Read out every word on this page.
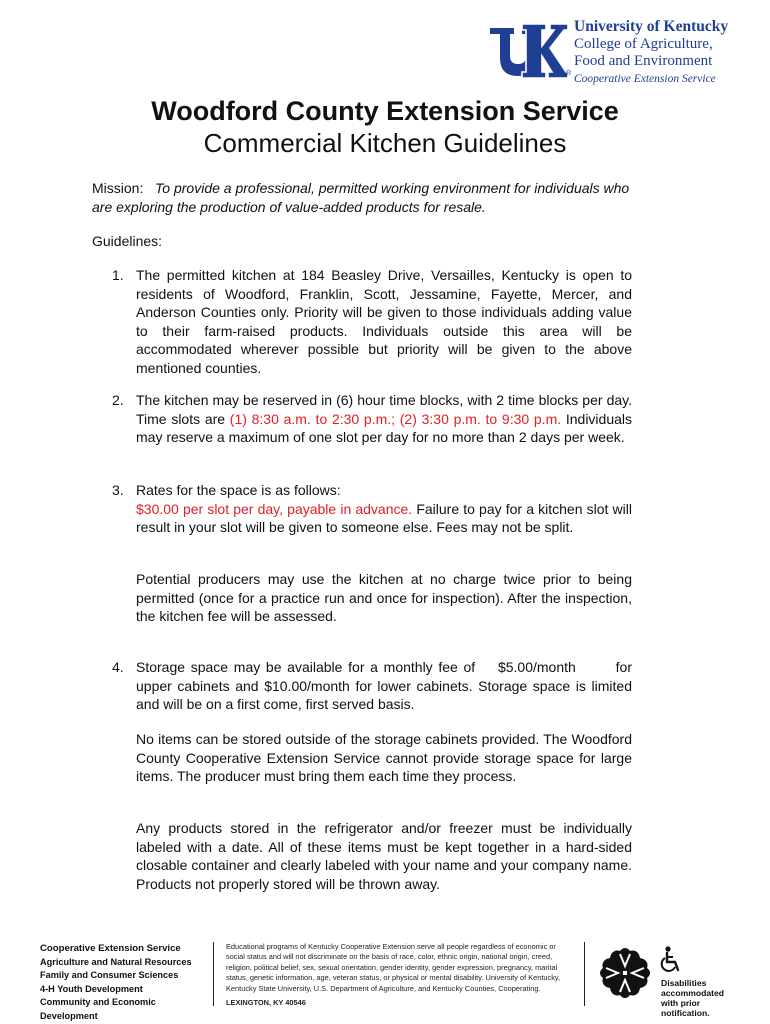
®
University of Kentucky
College of Agriculture,
Food and Environment
Cooperative Extension Service
Woodford County Extension Service
Commercial Kitchen Guidelines
Mission: To provide a professional, permitted working environment for individuals who are exploring the production of value-added products for resale.
Guidelines:
1. The permitted kitchen at 184 Beasley Drive, Versailles, Kentucky is open to residents of Woodford, Franklin, Scott, Jessamine, Fayette, Mercer, and Anderson Counties only. Priority will be given to those individuals adding value to their farm-raised products. Individuals outside this area will be accommodated wherever possible but priority will be given to the above mentioned counties.
2. The kitchen may be reserved in (6) hour time blocks, with 2 time blocks per day. Time slots are (1) 8:30 a.m. to 2:30 p.m.; (2) 3:30 p.m. to 9:30 p.m. Individuals may reserve a maximum of one slot per day for no more than 2 days per week.
3. Rates for the space is as follows:
$30.00 per slot per day, payable in advance. Failure to pay for a kitchen slot will result in your slot will be given to someone else. Fees may not be split.
Potential producers may use the kitchen at no charge twice prior to being permitted (once for a practice run and once for inspection). After the inspection, the kitchen fee will be assessed.
4. Storage space may be available for a monthly fee of    $5.00/month       for upper cabinets and $10.00/month for lower cabinets. Storage space is limited and will be on a first come, first served basis.
No items can be stored outside of the storage cabinets provided. The Woodford County Cooperative Extension Service cannot provide storage space for large items. The producer must bring them each time they process.
Any products stored in the refrigerator and/or freezer must be individually labeled with a date. All of these items must be kept together in a hard-sided closable container and clearly labeled with your name and your company name. Products not properly stored will be thrown away.
Cooperative Extension Service
Agriculture and Natural Resources
Family and Consumer Sciences
4-H Youth Development
Community and Economic Development
Educational programs of Kentucky Cooperative Extension serve all people regardless of economic or social status and will not discriminate on the basis of race, color, ethnic origin, national origin, creed, religion, political belief, sex, sexual orientation, gender identity, gender expression, pregnancy, marital status, genetic information, age, veteran status, or physical or mental disability. University of Kentucky, Kentucky State University, U.S. Department of Agriculture, and Kentucky Counties, Cooperating.
LEXINGTON, KY 40546
Disabilities
accommodated
with prior notification.
